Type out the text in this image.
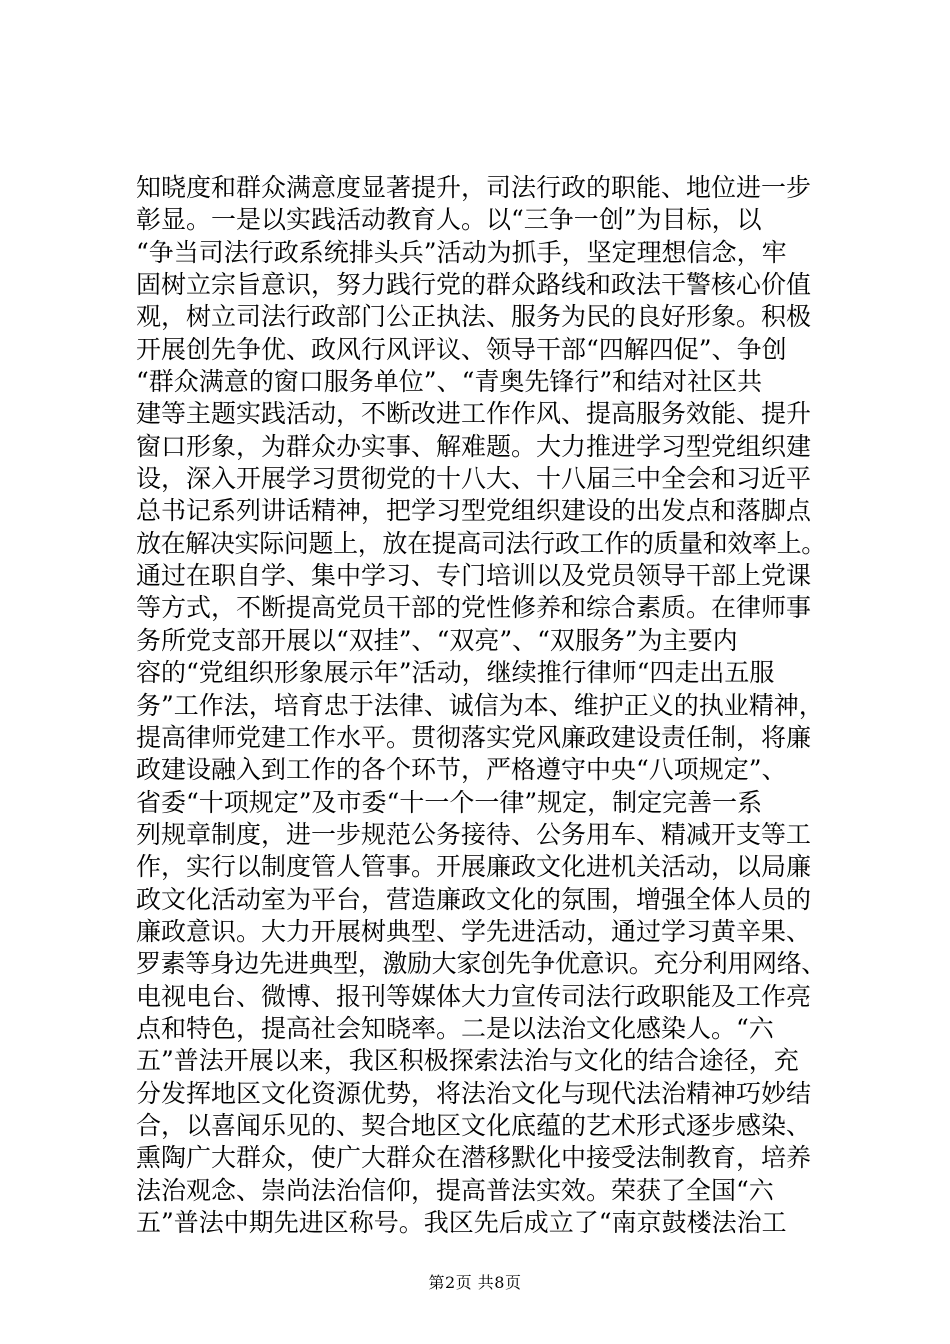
知晓度和群众满意度显著提升，司法行政的职能、地位进一步
彰显。一是以实践活动教育人。以“三争一创”为目标，以
“争当司法行政系统排头兵”活动为抓手，坚定理想信念，牢
固树立宗旨意识，努力践行党的群众路线和政法干警核心价值
观，树立司法行政部门公正执法、服务为民的良好形象。积极
开展创先争优、政风行风评议、领导干部“四解四促”、争创
“群众满意的窗口服务单位”、“青奥先锋行”和结对社区共
建等主题实践活动，不断改进工作作风、提高服务效能、提升
窗口形象，为群众办实事、解难题。大力推进学习型党组织建
设，深入开展学习贯彻党的十八大、十八届三中全会和习近平
总书记系列讲话精神，把学习型党组织建设的出发点和落脚点
放在解决实际问题上，放在提高司法行政工作的质量和效率上。
通过在职自学、集中学习、专门培训以及党员领导干部上党课
等方式，不断提高党员干部的党性修养和综合素质。在律师事
务所党支部开展以“双挂”、“双亮”、“双服务”为主要内
容的“党组织形象展示年”活动，继续推行律师“四走出五服
务”工作法，培育忠于法律、诚信为本、维护正义的执业精神，
提高律师党建工作水平。贯彻落实党风廉政建设责任制，将廉
政建设融入到工作的各个环节，严格遵守中央“八项规定”、
省委“十项规定”及市委“十一个一律”规定，制定完善一系
列规章制度，进一步规范公务接待、公务用车、精减开支等工
作，实行以制度管人管事。开展廉政文化进机关活动，以局廉
政文化活动室为平台，营造廉政文化的氛围，增强全体人员的
廉政意识。大力开展树典型、学先进活动，通过学习黄辛果、
罗素等身边先进典型，激励大家创先争优意识。充分利用网络、
电视电台、微博、报刊等媒体大力宣传司法行政职能及工作亮
点和特色，提高社会知晓率。二是以法治文化感染人。“六
五”普法开展以来，我区积极探索法治与文化的结合途径，充
分发挥地区文化资源优势，将法治文化与现代法治精神巧妙结
合，以喜闻乐见的、契合地区文化底蕴的艺术形式逐步感染、
熏陶广大群众，使广大群众在潜移默化中接受法制教育，培养
法治观念、崇尚法治信仰，提高普法实效。荣获了全国“六
五”普法中期先进区称号。我区先后成立了“南京鼓楼法治工
第2页 共8页
